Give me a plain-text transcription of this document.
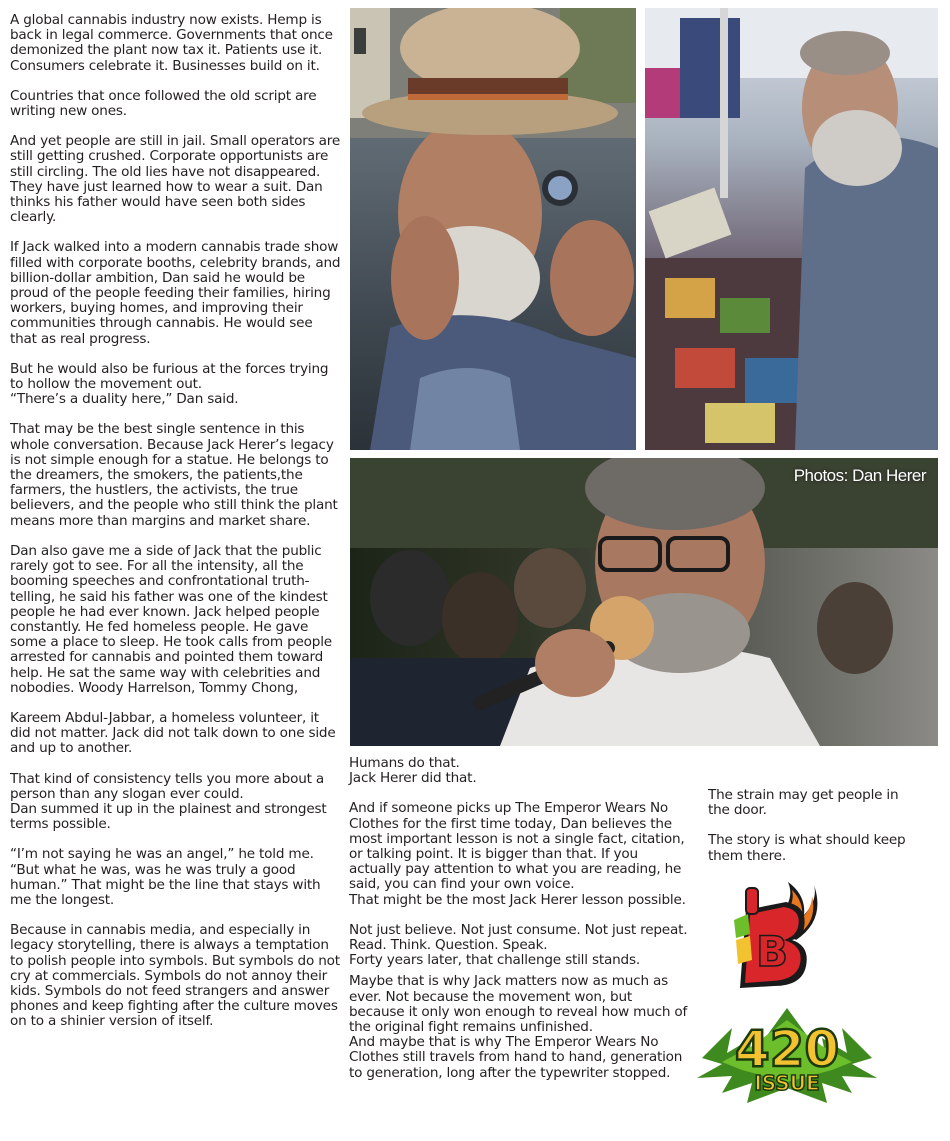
A global cannabis industry now exists. Hemp is back in legal commerce. Governments that once demonized the plant now tax it. Patients use it. Consumers celebrate it. Businesses build on it.

Countries that once followed the old script are writing new ones.

And yet people are still in jail. Small operators are still getting crushed. Corporate opportunists are still circling. The old lies have not disappeared. They have just learned how to wear a suit. Dan thinks his father would have seen both sides clearly.

If Jack walked into a modern cannabis trade show filled with corporate booths, celebrity brands, and billion-dollar ambition, Dan said he would be proud of the people feeding their families, hiring workers, buying homes, and improving their communities through cannabis. He would see that as real progress.

But he would also be furious at the forces trying to hollow the movement out.
“There’s a duality here,” Dan said.

That may be the best single sentence in this whole conversation. Because Jack Herer’s legacy is not simple enough for a statue. He belongs to the dreamers, the smokers, the patients,the farmers, the hustlers, the activists, the true believers, and the people who still think the plant means more than margins and market share.

Dan also gave me a side of Jack that the public rarely got to see. For all the intensity, all the booming speeches and confrontational truth-telling, he said his father was one of the kindest people he had ever known. Jack helped people constantly. He fed homeless people. He gave some a place to sleep. He took calls from people arrested for cannabis and pointed them toward help. He sat the same way with celebrities and nobodies. Woody Harrelson, Tommy Chong,

Kareem Abdul-Jabbar, a homeless volunteer, it did not matter. Jack did not talk down to one side and up to another.

That kind of consistency tells you more about a person than any slogan ever could.
Dan summed it up in the plainest and strongest terms possible.

“I’m not saying he was an angel,” he told me. “But what he was, was he was truly a good human.” That might be the line that stays with me the longest.

Because in cannabis media, and especially in legacy storytelling, there is always a temptation to polish people into symbols. But symbols do not cry at commercials. Symbols do not annoy their kids. Symbols do not feed strangers and answer phones and keep fighting after the culture moves on to a shinier version of itself.

Photos: Dan Herer

Humans do that.
Jack Herer did that.

And if someone picks up The Emperor Wears No Clothes for the first time today, Dan believes the most important lesson is not a single fact, citation, or talking point. It is bigger than that. If you actually pay attention to what you are reading, he said, you can find your own voice.
That might be the most Jack Herer lesson possible.

Not just believe. Not just consume. Not just repeat. Read. Think. Question. Speak.
Forty years later, that challenge still stands.

Maybe that is why Jack matters now as much as ever. Not because the movement won, but because it only won enough to reveal how much of the original fight remains unfinished.
And maybe that is why The Emperor Wears No Clothes still travels from hand to hand, generation to generation, long after the typewriter stopped.

The strain may get people in the door.

The story is what should keep them there.

B
420
ISSUE
